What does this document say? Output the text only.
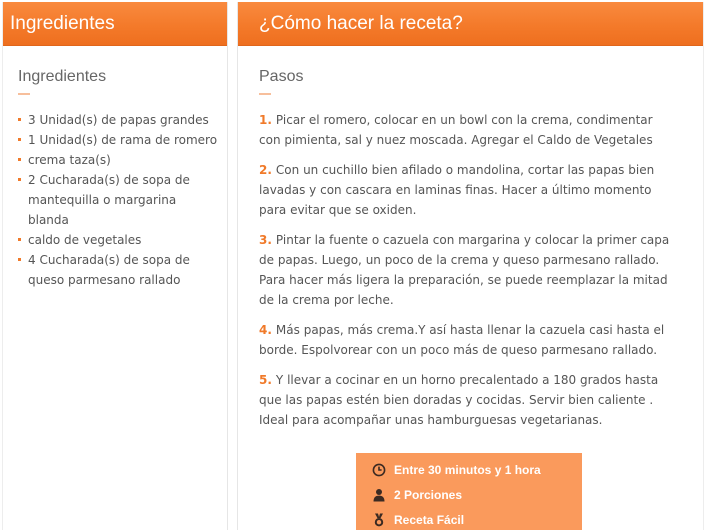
Ingredientes
Ingredientes
3 Unidad(s) de papas grandes
1 Unidad(s) de rama de romero
crema taza(s)
2 Cucharada(s) de sopa de mantequilla o margarina blanda
caldo de vegetales
4 Cucharada(s) de sopa de queso parmesano rallado
¿Cómo hacer la receta?
Pasos

1. Picar el romero, colocar en un bowl con la crema, condimentar con pimienta, sal y nuez moscada. Agregar el Caldo de Vegetales

2. Con un cuchillo bien afilado o mandolina, cortar las papas bien lavadas y con cascara en laminas finas. Hacer a último momento para evitar que se oxiden.

3. Pintar la fuente o cazuela con margarina y colocar la primer capa de papas. Luego, un poco de la crema y queso parmesano rallado. Para hacer más ligera la preparación, se puede reemplazar la mitad de la crema por leche.

4. Más papas, más crema.Y así hasta llenar la cazuela casi hasta el borde. Espolvorear con un poco más de queso parmesano rallado.

5. Y llevar a cocinar en un horno precalentado a 180 grados hasta que las papas estén bien doradas y cocidas. Servir bien caliente .
Ideal para acompañar unas hamburguesas vegetarianas.

Entre 30 minutos y 1 hora
2 Porciones
Receta Fácil
